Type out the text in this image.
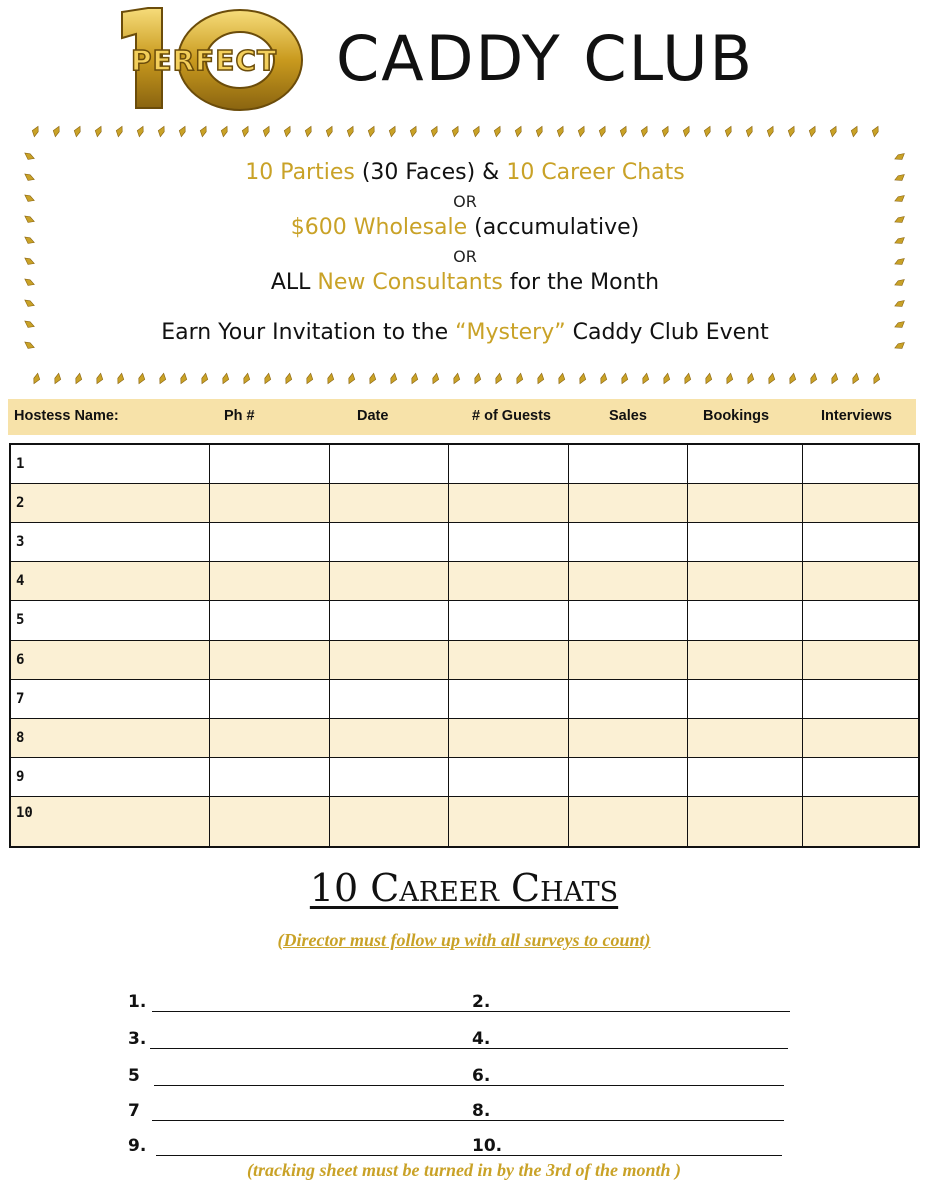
PERFECT CADDY CLUB
10 Parties (30 Faces) & 10 Career Chats
OR
$600 Wholesale (accumulative)
OR
ALL New Consultants for the Month
Earn Your Invitation to the “Mystery” Caddy Club Event
Hostess Name:	Ph #	Date	# of Guests	Sales	Bookings	Interviews
1
2
3
4
5
6
7
8
9
10
10 Career Chats
(Director must follow up with all surveys to count)
1.	2.
3.	4.
5	6.
7	8.
9.	10.
(tracking sheet must be turned in by the 3rd of the month )
